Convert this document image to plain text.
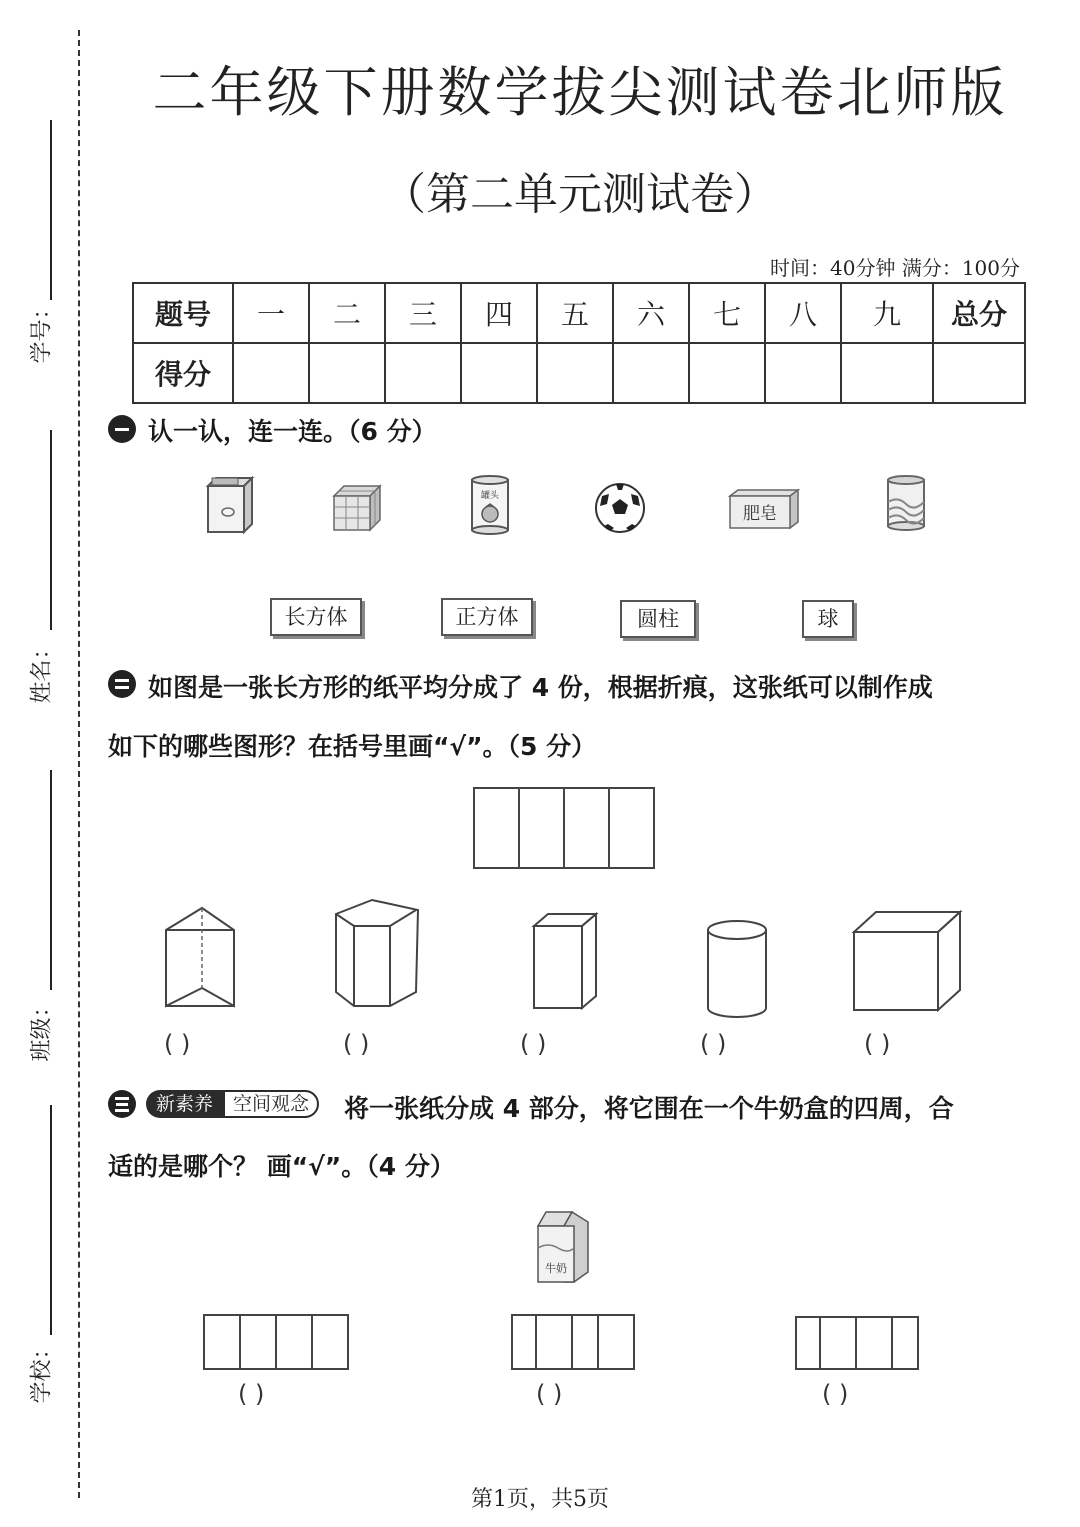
学号：
姓名：
班级：
学校：
二年级下册数学拔尖测试卷北师版
（第二单元测试卷）
时间：40分钟 满分：100分
题号	一	二	三	四	五	六	七	八	九	总分
得分										
认一认，连一连。（6 分）
罐头
肥皂
长方体	正方体	圆柱	球
如图是一张长方形的纸平均分成了 4 份，根据折痕，这张纸可以制作成
如下的哪些图形？在括号里画“√”。（5 分）
( )	( )	( )	( )	( )
新素养	空间观念	将一张纸分成 4 部分，将它围在一个牛奶盒的四周，合
适的是哪个？ 画“√”。（4 分）
牛奶
( )	( )	( )
第1页，共5页
